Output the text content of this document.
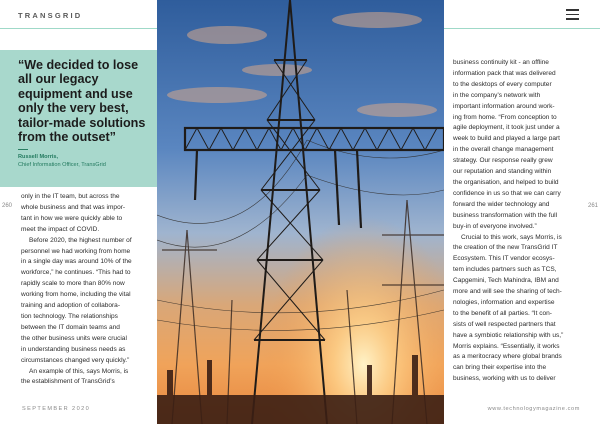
TRANSGRID
“We decided to lose all our legacy equipment and use only the very best, tailor-made solutions from the outset”
Russell Morris,
Chief Information Officer, TransGrid

only in the IT team, but across the

whole business and that was impor-

tant in how we were quickly able to

meet the impact of COVID.

Before 2020, the highest number of

personnel we had working from home

in a single day was around 10% of the

workforce,” he continues. “This had to

rapidly scale to more than 80% now

working from home, including the vital

training and adoption of collabora-

tion technology. The relationships

between the IT domain teams and

the other business units were crucial

in understanding business needs as

circumstances changed very quickly.”

An example of this, says Morris, is

the establishment of TransGrid’s

260	261

business continuity kit - an offline

information pack that was delivered

to the desktops of every computer

in the company’s network with

important information around work-

ing from home. “From conception to

agile deployment, it took just under a

week to build and played a large part

in the overall change management

strategy. Our response really grew

our reputation and standing within

the organisation, and helped to build

confidence in us so that we can carry

forward the wider technology and

business transformation with the full

buy-in of everyone involved.”

Crucial to this work, says Morris, is

the creation of the new TransGrid IT

Ecosystem. This IT vendor ecosys-

tem includes partners such as TCS,

Capgemini, Tech Mahindra, IBM and

more and will see the sharing of tech-

nologies, information and expertise

to the benefit of all parties. “It con-

sists of well respected partners that

have a symbiotic relationship with us,”

Morris explains. “Essentially, it works

as a meritocracy where global brands

can bring their expertise into the

business, working with us to deliver

SEPTEMBER 2020	www.technologymagazine.com
